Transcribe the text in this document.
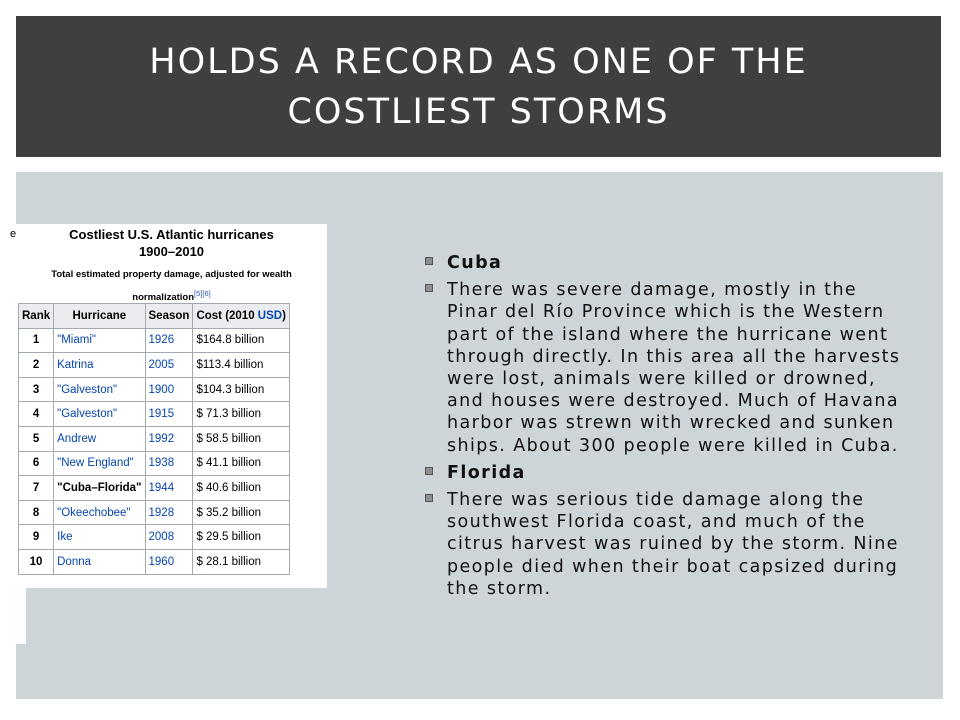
HOLDS A RECORD AS ONE OF THE COSTLIEST STORMS
e	Costliest U.S. Atlantic hurricanes
1900–2010
Total estimated property damage, adjusted for wealth
normalization[5][6]
Rank	Hurricane	Season	Cost (2010 USD)
1	"Miami"	1926	$164.8 billion
2	Katrina	2005	$113.4 billion
3	"Galveston"	1900	$104.3 billion
4	"Galveston"	1915	$ 71.3 billion
5	Andrew	1992	$ 58.5 billion
6	"New England"	1938	$ 41.1 billion
7	"Cuba–Florida"	1944	$ 40.6 billion
8	"Okeechobee"	1928	$ 35.2 billion
9	Ike	2008	$ 29.5 billion
10	Donna	1960	$ 28.1 billion
Cuba
There was severe damage, mostly in the Pinar del Río Province which is the Western part of the island where the hurricane went through directly. In this area all the harvests were lost, animals were killed or drowned, and houses were destroyed. Much of Havana harbor was strewn with wrecked and sunken ships. About 300 people were killed in Cuba.
Florida
There was serious tide damage along the southwest Florida coast, and much of the citrus harvest was ruined by the storm. Nine people died when their boat capsized during the storm.
